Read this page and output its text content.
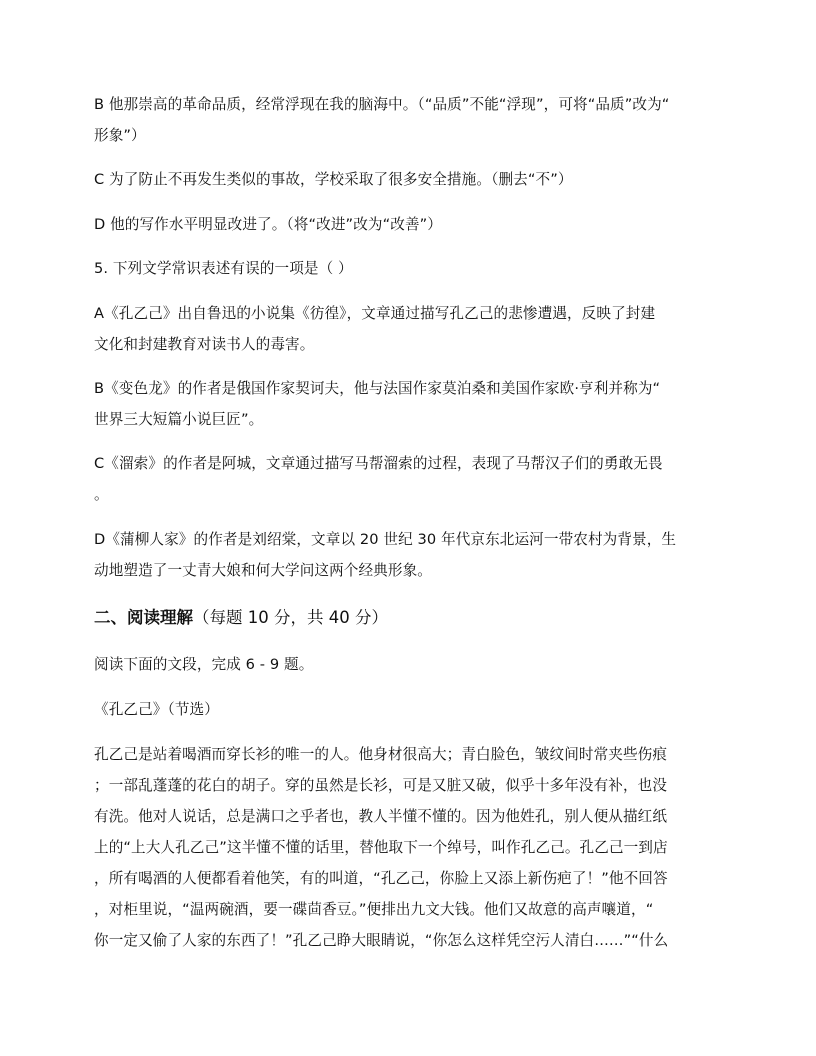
B 他那崇高的革命品质，经常浮现在我的脑海中。（“品质”不能“浮现”，可将“品质”改为“
形象”）
C 为了防止不再发生类似的事故，学校采取了很多安全措施。（删去“不”）
D 他的写作水平明显改进了。（将“改进”改为“改善”）
5. 下列文学常识表述有误的一项是（ ）
A《孔乙己》出自鲁迅的小说集《彷徨》，文章通过描写孔乙己的悲惨遭遇，反映了封建
文化和封建教育对读书人的毒害。
B《变色龙》的作者是俄国作家契诃夫，他与法国作家莫泊桑和美国作家欧·亨利并称为“
世界三大短篇小说巨匠”。
C《溜索》的作者是阿城，文章通过描写马帮溜索的过程，表现了马帮汉子们的勇敢无畏
。
D《蒲柳人家》的作者是刘绍棠，文章以 20 世纪 30 年代京东北运河一带农村为背景，生
动地塑造了一丈青大娘和何大学问这两个经典形象。
二、阅读理解（每题 10 分，共 40 分）
阅读下面的文段，完成 6 - 9 题。
《孔乙己》（节选）
孔乙己是站着喝酒而穿长衫的唯一的人。他身材很高大；青白脸色，皱纹间时常夹些伤痕
；一部乱蓬蓬的花白的胡子。穿的虽然是长衫，可是又脏又破，似乎十多年没有补，也没
有洗。他对人说话，总是满口之乎者也，教人半懂不懂的。因为他姓孔，别人便从描红纸
上的“上大人孔乙己”这半懂不懂的话里，替他取下一个绰号，叫作孔乙己。孔乙己一到店
，所有喝酒的人便都看着他笑，有的叫道，“孔乙己，你脸上又添上新伤疤了！”他不回答
，对柜里说，“温两碗酒，要一碟茴香豆。”便排出九文大钱。他们又故意的高声嚷道，“
你一定又偷了人家的东西了！”孔乙己睁大眼睛说，“你怎么这样凭空污人清白……”“什么
